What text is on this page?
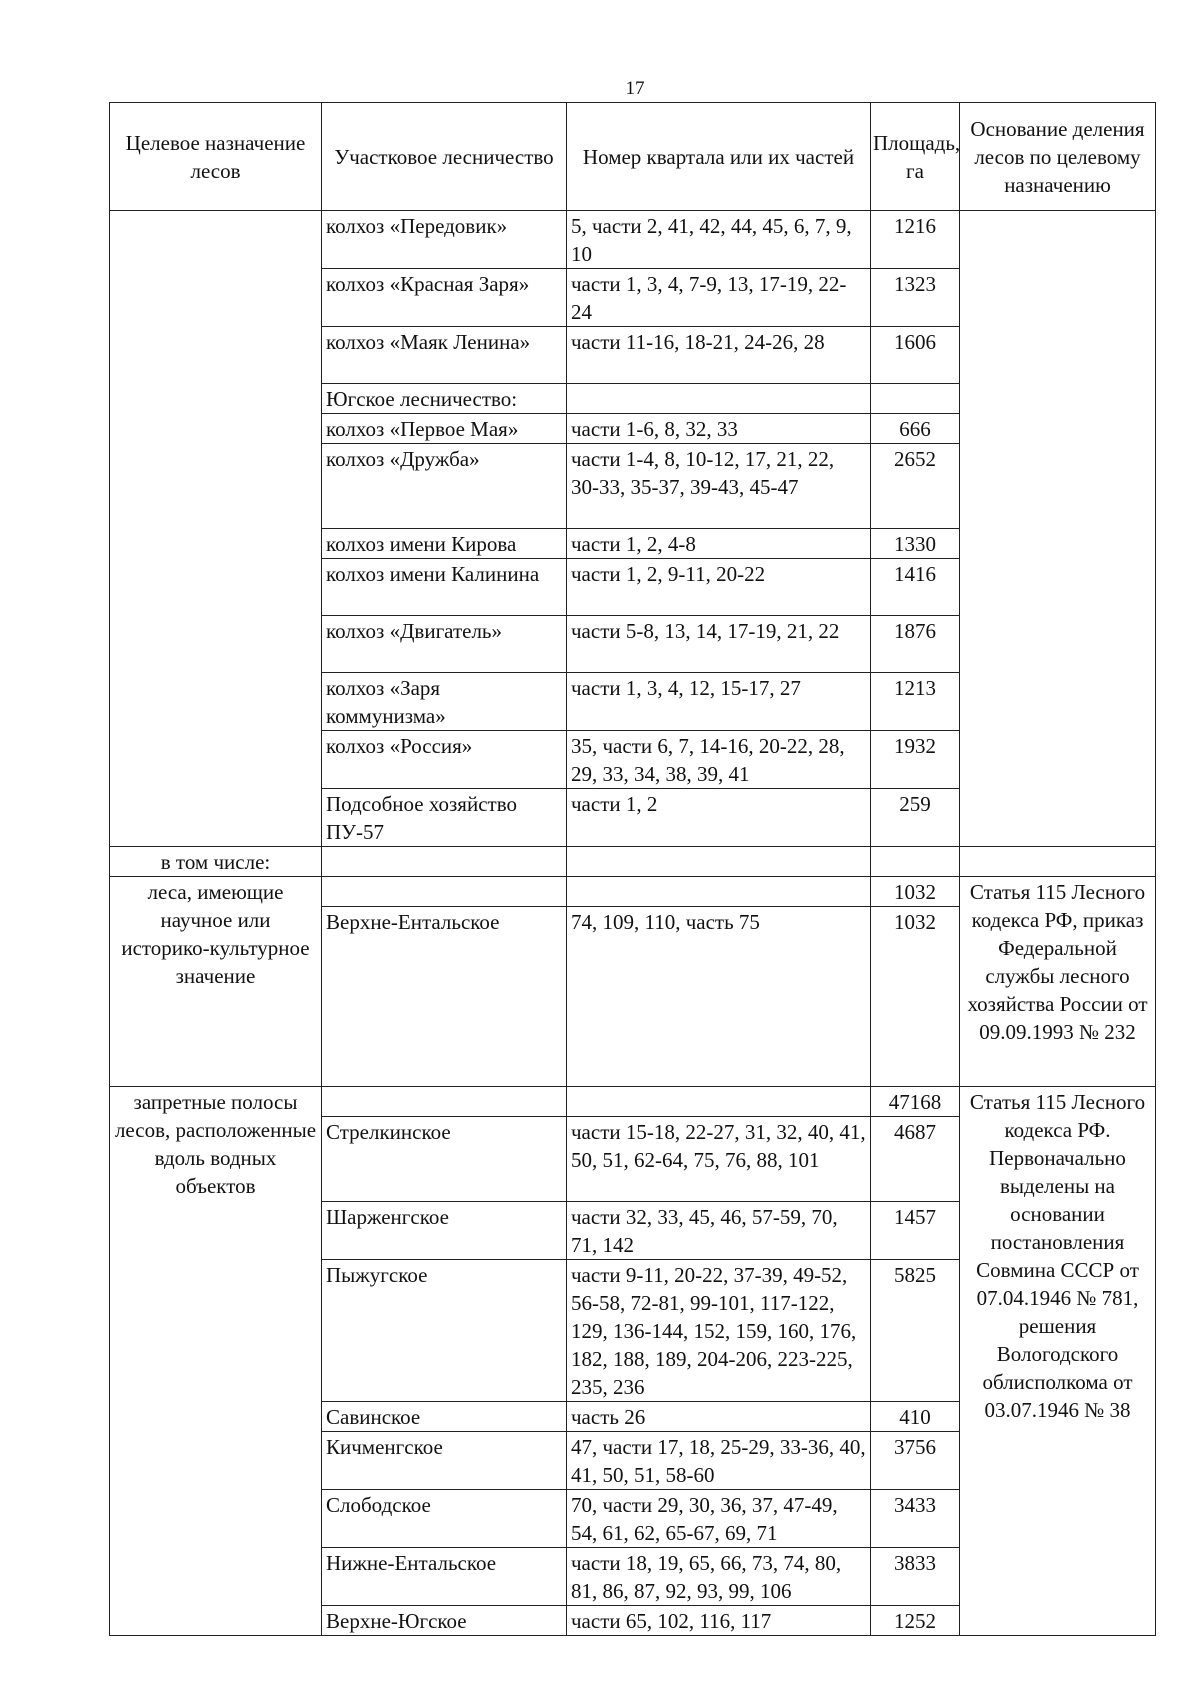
17
Целевое назначение лесов	Участковое лесничество	Номер квартала или их частей	Площадь, га	Основание деления лесов по целевому назначению
	колхоз «Передовик»	5, части 2, 41, 42, 44, 45, 6, 7, 9, 10	1216	
	колхоз «Красная Заря»	части 1, 3, 4, 7-9, 13, 17-19, 22-24	1323	
	колхоз «Маяк Ленина»	части 11-16, 18-21, 24-26, 28	1606	
	Югское лесничество:			
	колхоз «Первое Мая»	части 1-6, 8, 32, 33	666	
	колхоз «Дружба»	части 1-4, 8, 10-12, 17, 21, 22, 30-33, 35-37, 39-43, 45-47	2652	
	колхоз имени Кирова	части 1, 2, 4-8	1330	
	колхоз имени Калинина	части 1, 2, 9-11, 20-22	1416	
	колхоз «Двигатель»	части 5-8, 13, 14, 17-19, 21, 22	1876	
	колхоз «Заря коммунизма»	части 1, 3, 4, 12, 15-17, 27	1213	
	колхоз «Россия»	35, части 6, 7, 14-16, 20-22, 28, 29, 33, 34, 38, 39, 41	1932	
	Подсобное хозяйство ПУ-57	части 1, 2	259	
в том числе:				
леса, имеющие научное или историко-культурное значение			1032	Статья 115 Лесного кодекса РФ, приказ Федеральной службы лесного хозяйства России от 09.09.1993 № 232
	Верхне-Ентальское	74, 109, 110, часть 75	1032	
запретные полосы лесов, расположенные вдоль водных объектов			47168	Статья 115 Лесного кодекса РФ. Первоначально выделены на основании постановления Совмина СССР от 07.04.1946 № 781, решения Вологодского облисполкома от 03.07.1946 № 38
	Стрелкинское	части 15-18, 22-27, 31, 32, 40, 41, 50, 51, 62-64, 75, 76, 88, 101	4687	
	Шарженгское	части 32, 33, 45, 46, 57-59, 70, 71, 142	1457	
	Пыжугское	части 9-11, 20-22, 37-39, 49-52, 56-58, 72-81, 99-101, 117-122, 129, 136-144, 152, 159, 160, 176, 182, 188, 189, 204-206, 223-225, 235, 236	5825	
	Савинское	часть 26	410	
	Кичменгское	47, части 17, 18, 25-29, 33-36, 40, 41, 50, 51, 58-60	3756	
	Слободское	70, части 29, 30, 36, 37, 47-49, 54, 61, 62, 65-67, 69, 71	3433	
	Нижне-Ентальское	части 18, 19, 65, 66, 73, 74, 80, 81, 86, 87, 92, 93, 99, 106	3833	
	Верхне-Югское	части 65, 102, 116, 117	1252	
